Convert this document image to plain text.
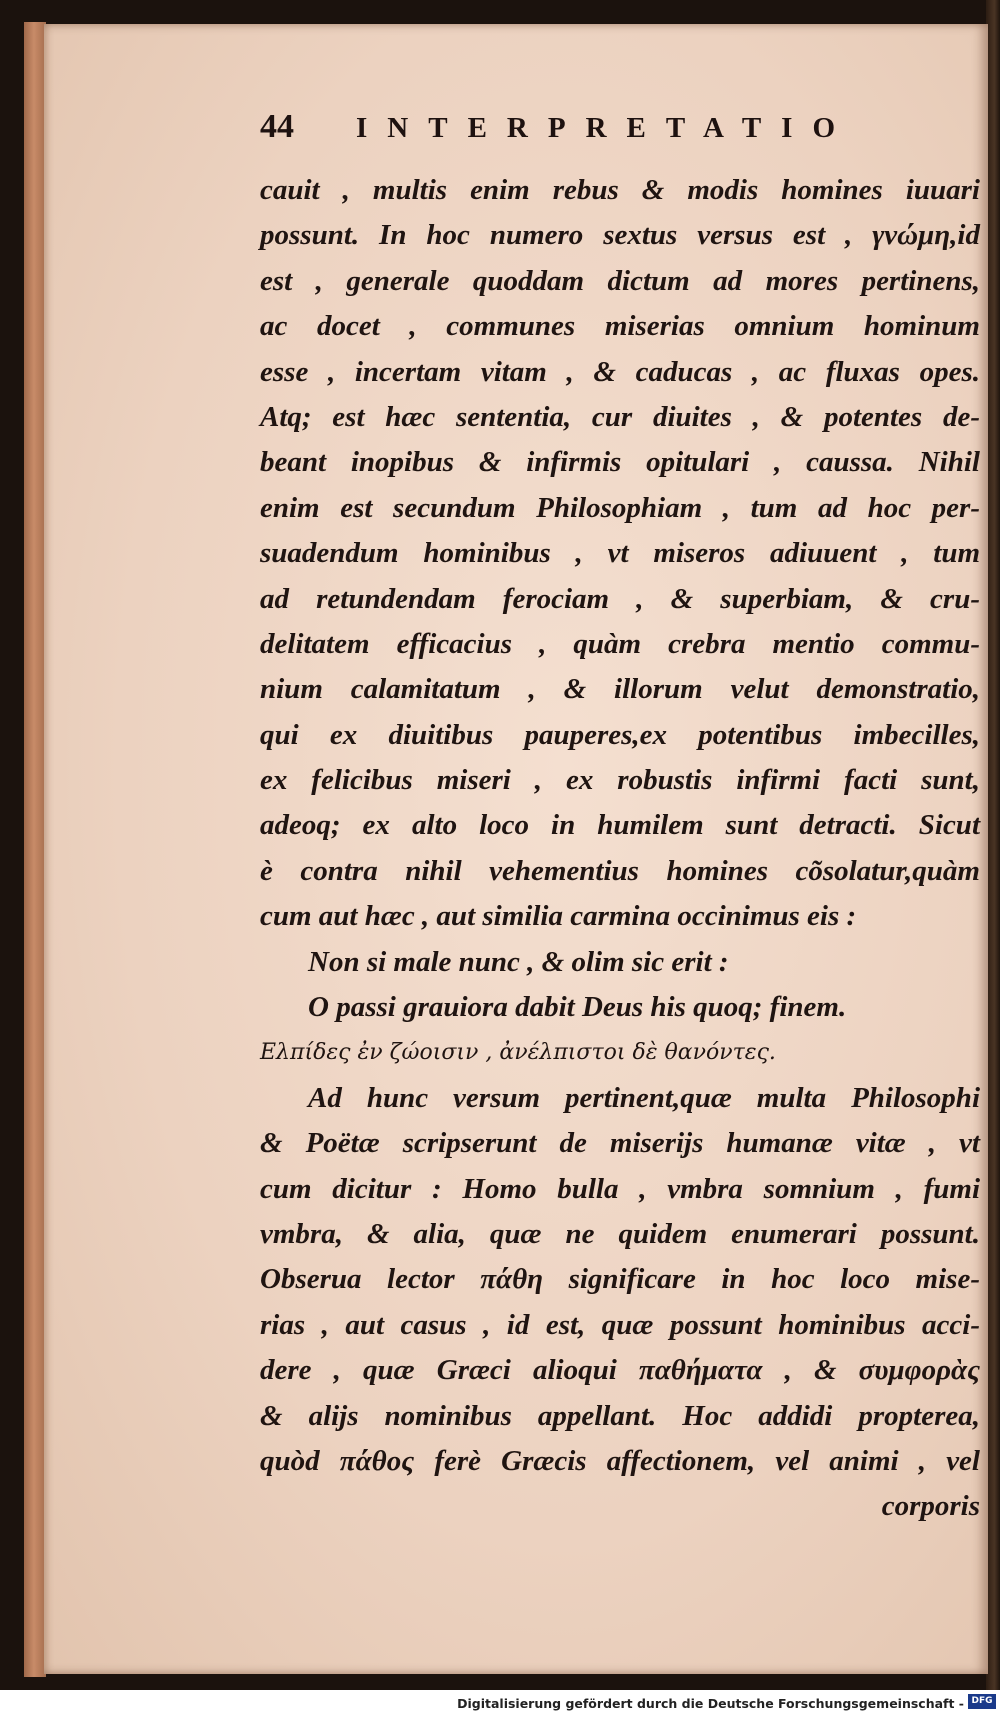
44	INTERPRETATIO
cauit , multis enim rebus & modis homines iuuari
possunt. In hoc numero sextus versus est , γνώμη,id
est , generale quoddam dictum ad mores pertinens,
ac docet , communes miserias omnium hominum
esse , incertam vitam , & caducas , ac fluxas opes.
Atq; est hæc sententia, cur diuites , & potentes de-
beant inopibus & infirmis opitulari , caussa. Nihil
enim est secundum Philosophiam , tum ad hoc per-
suadendum hominibus , vt miseros adiuuent , tum
ad retundendam ferociam , & superbiam, & cru-
delitatem efficacius , quàm crebra mentio commu-
nium calamitatum , & illorum velut demonstratio,
qui ex diuitibus pauperes,ex potentibus imbecilles,
ex felicibus miseri , ex robustis infirmi facti sunt,
adeoq; ex alto loco in humilem sunt detracti. Sicut
è contra nihil vehementius homines cõsolatur,quàm
cum aut hæc , aut similia carmina occinimus eis :
Non si male nunc , & olim sic erit :
O passi grauiora dabit Deus his quoq; finem.
Ελπίδες ἐν ζώοισιν , ἀνέλπιστοι δὲ θανόντες.
Ad hunc versum pertinent,quæ multa Philosophi
& Poëtæ scripserunt de miserijs humanæ vitæ , vt
cum dicitur : Homo bulla , vmbra somnium , fumi
vmbra, & alia, quæ ne quidem enumerari possunt.
Obserua lector πάθη significare in hoc loco mise-
rias , aut casus , id est, quæ possunt hominibus acci-
dere , quæ Græci alioqui παθήματα , & συμφορὰς
& alijs nominibus appellant. Hoc addidi propterea,
quòd πάθος ferè Græcis affectionem, vel animi , vel
corporis
Digitalisierung gefördert durch die Deutsche Forschungsgemeinschaft - DFG
